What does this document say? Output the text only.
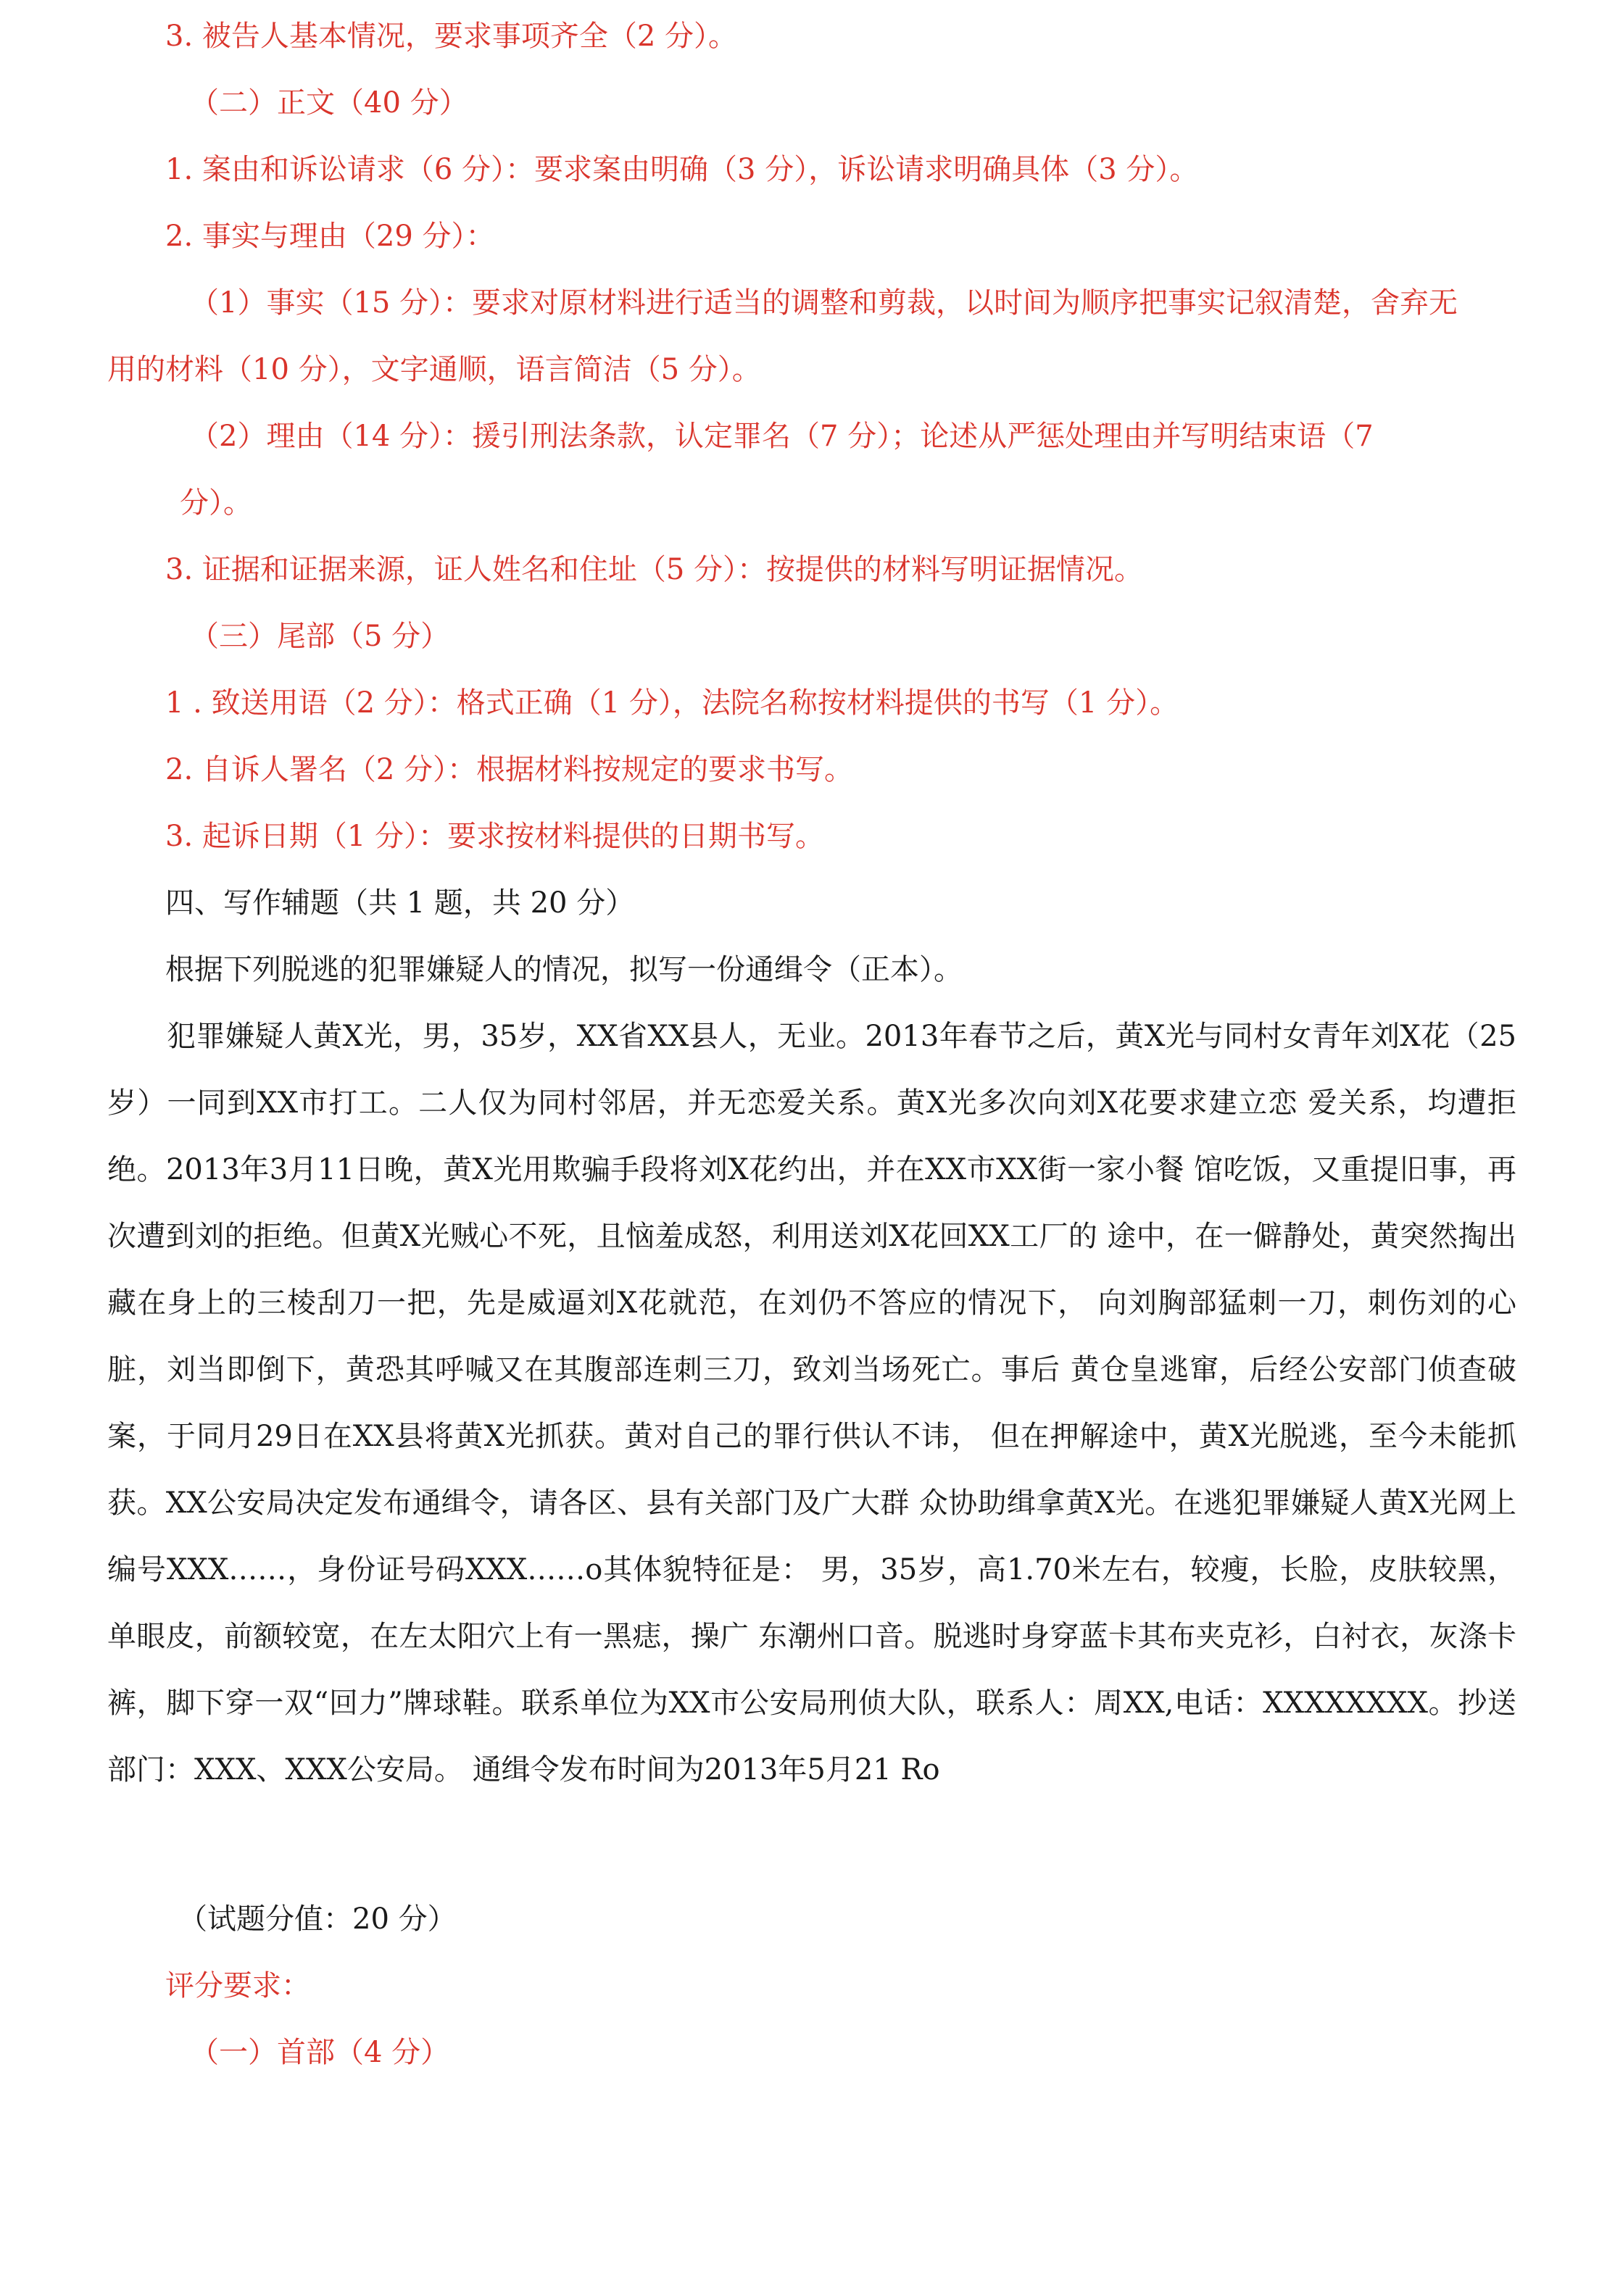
3. 被告人基本情况，要求事项齐全（2 分）。
（二）正文（40 分）
1. 案由和诉讼请求（6 分）：要求案由明确（3 分），诉讼请求明确具体（3 分）。
2. 事实与理由（29 分）：
（1）事实（15 分）：要求对原材料进行适当的调整和剪裁，以时间为顺序把事实记叙清楚，舍弃无
用的材料（10 分），文字通顺，语言简洁（5 分）。
（2）理由（14 分）：援引刑法条款，认定罪名（7 分）；论述从严惩处理由并写明结束语（7
分）。
3. 证据和证据来源，证人姓名和住址（5 分）：按提供的材料写明证据情况。
（三）尾部（5 分）
1 . 致送用语（2 分）：格式正确（1 分），法院名称按材料提供的书写（1 分）。
2. 自诉人署名（2 分）：根据材料按规定的要求书写。
3. 起诉日期（1 分）：要求按材料提供的日期书写。
四、写作辅题（共 1 题，共 20 分）
根据下列脱逃的犯罪嫌疑人的情况，拟写一份通缉令（正本）。
犯罪嫌疑人黄X光，男，35岁，XX省XX县人，无业。2013年春节之后，黄X光与同村女青年刘X花（25岁）一同到XX市打工。二人仅为同村邻居，并无恋爱关系。黄X光多次向刘X花要求建立恋 爱关系，均遭拒绝。2013年3月11日晚，黄X光用欺骗手段将刘X花约出，并在XX市XX街一家小餐 馆吃饭，又重提旧事，再次遭到刘的拒绝。但黄X光贼心不死，且恼羞成怒，利用送刘X花回XX工厂的 途中，在一僻静处，黄突然掏出藏在身上的三棱刮刀一把，先是威逼刘X花就范，在刘仍不答应的情况下， 向刘胸部猛刺一刀，刺伤刘的心脏，刘当即倒下，黄恐其呼喊又在其腹部连刺三刀，致刘当场死亡。事后 黄仓皇逃窜，后经公安部门侦查破案，于同月29日在XX县将黄X光抓获。黄对自己的罪行供认不讳， 但在押解途中，黄X光脱逃，至今未能抓获。XX公安局决定发布通缉令，请各区、县有关部门及广大群 众协助缉拿黄X光。在逃犯罪嫌疑人黄X光网上编号XXX……，身份证号码XXX……o其体貌特征是： 男，35岁，高1.70米左右，较瘦，长脸，皮肤较黑，单眼皮，前额较宽，在左太阳穴上有一黑痣，操广 东潮州口音。脱逃时身穿蓝卡其布夹克衫，白衬衣，灰涤卡裤，脚下穿一双“回力”牌球鞋。联系单位为XX市公安局刑侦大队，联系人：周XX,电话：XXXXXXXX。抄送部门：XXX、XXX公安局。 通缉令发布时间为2013年5月21 Ro
（试题分值：20 分）
评分要求：
（一）首部（4 分）
